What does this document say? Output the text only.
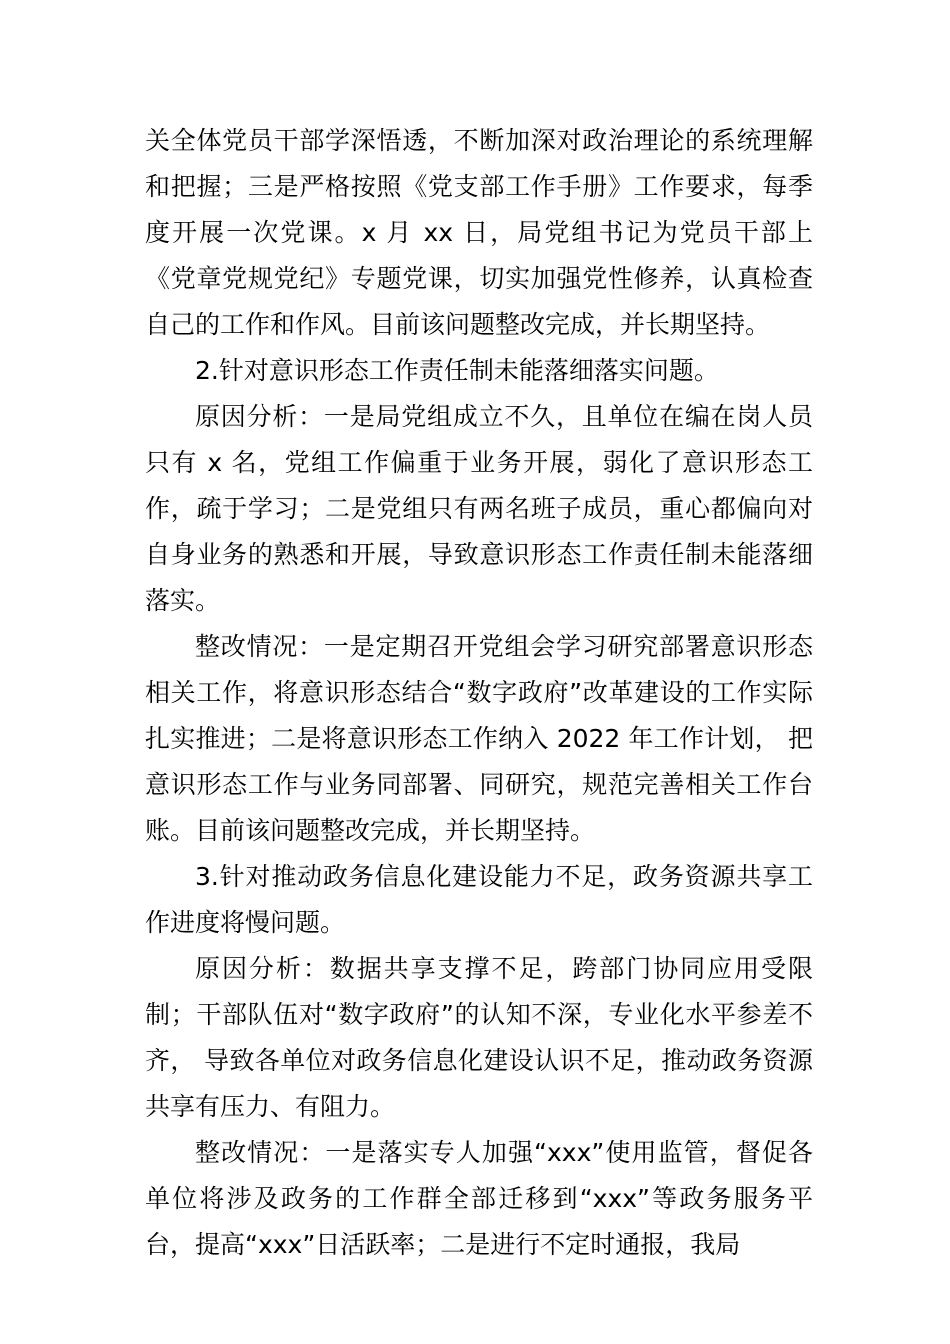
关全体党员干部学深悟透，不断加深对政治理论的系统理解和把握；三是严格按照《党支部工作手册》工作要求，每季度开展一次党课。x 月 xx 日，局党组书记为党员干部上《党章党规党纪》专题党课，切实加强党性修养，认真检查自己的工作和作风。目前该问题整改完成，并长期坚持。

2.针对意识形态工作责任制未能落细落实问题。

原因分析：一是局党组成立不久，且单位在编在岗人员只有 x 名，党组工作偏重于业务开展，弱化了意识形态工作，疏于学习；二是党组只有两名班子成员，重心都偏向对自身业务的熟悉和开展，导致意识形态工作责任制未能落细落实。

整改情况：一是定期召开党组会学习研究部署意识形态相关工作，将意识形态结合“数字政府”改革建设的工作实际扎实推进；二是将意识形态工作纳入 2022 年工作计划， 把意识形态工作与业务同部署、同研究，规范完善相关工作台账。目前该问题整改完成，并长期坚持。

3.针对推动政务信息化建设能力不足，政务资源共享工作进度将慢问题。

原因分析：数据共享支撑不足，跨部门协同应用受限制；干部队伍对“数字政府”的认知不深，专业化水平参差不齐， 导致各单位对政务信息化建设认识不足，推动政务资源共享有压力、有阻力。

整改情况：一是落实专人加强“xxx”使用监管，督促各单位将涉及政务的工作群全部迁移到“xxx”等政务服务平台，提高“xxx”日活跃率；二是进行不定时通报，我局
